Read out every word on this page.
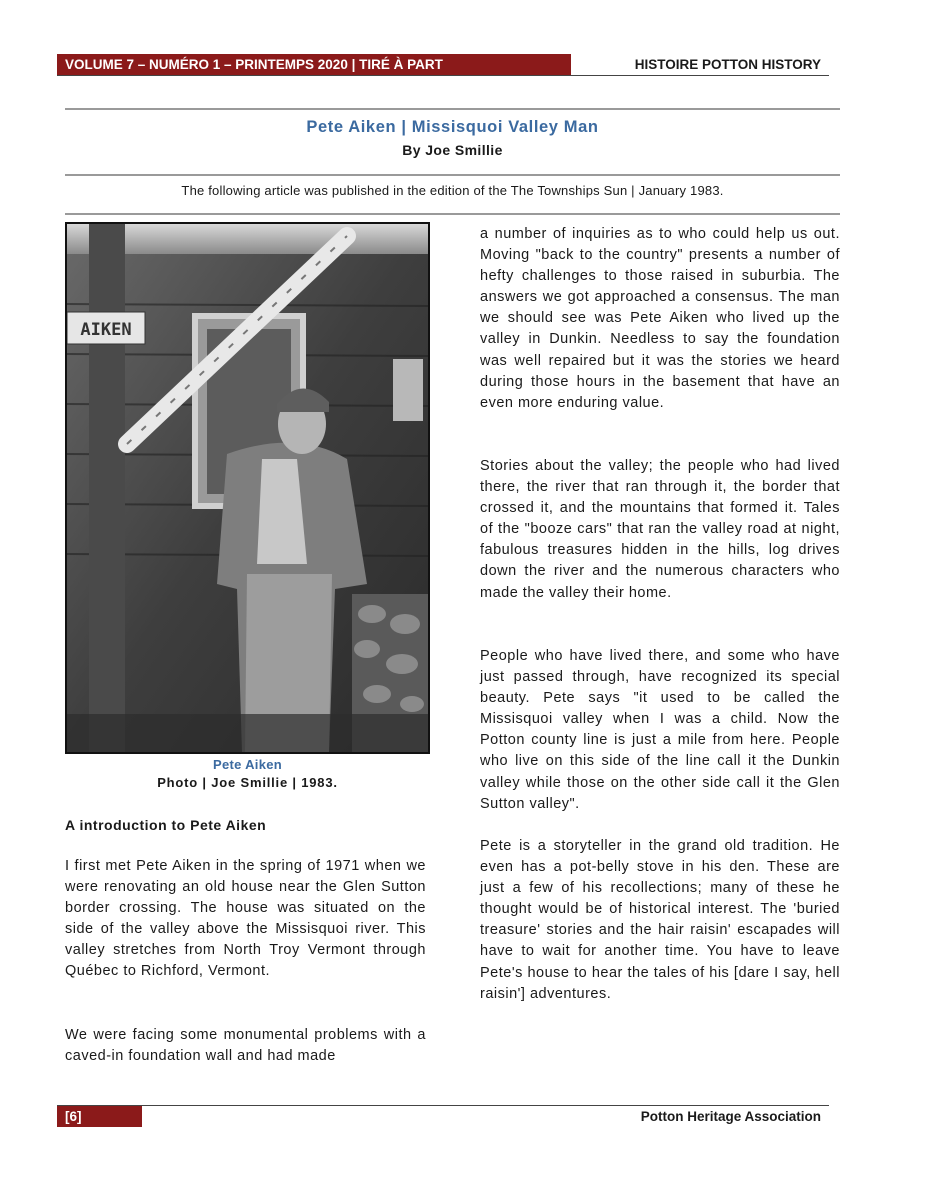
VOLUME 7 – NUMÉRO 1 – PRINTEMPS 2020 | TIRÉ À PART	HISTOIRE POTTON HISTORY
Pete Aiken | Missisquoi Valley Man
By Joe Smillie
The following article was published in the edition of the The Townships Sun | January 1983.
AIKEN
Pete Aiken
Photo | Joe Smillie | 1983.
A introduction to Pete Aiken

I first met Pete Aiken in the spring of 1971 when we were renovating an old house near the Glen Sutton border crossing. The house was situated on the side of the valley above the Missisquoi river. This valley stretches from North Troy Vermont through Québec to Richford, Vermont.

We were facing some monumental problems with a caved-in foundation wall and had made

a number of inquiries as to who could help us out. Moving "back to the country" presents a number of hefty challenges to those raised in suburbia. The answers we got approached a consensus. The man we should see was Pete Aiken who lived up the valley in Dunkin. Needless to say the foundation was well repaired but it was the stories we heard during those hours in the basement that have an even more enduring value.

Stories about the valley; the people who had lived there, the river that ran through it, the border that crossed it, and the mountains that formed it. Tales of the "booze cars" that ran the valley road at night, fabulous treasures hidden in the hills, log drives down the river and the numerous characters who made the valley their home.

People who have lived there, and some who have just passed through, have recognized its special beauty. Pete says "it used to be called the Missisquoi valley when I was a child. Now the Potton county line is just a mile from here. People who live on this side of the line call it the Dunkin valley while those on the other side call it the Glen Sutton valley".

Pete is a storyteller in the grand old tradition. He even has a pot-belly stove in his den. These are just a few of his recollections; many of these he thought would be of historical interest. The 'buried treasure' stories and the hair raisin' escapades will have to wait for another time. You have to leave Pete's house to hear the tales of his [dare I say, hell raisin'] adventures.

[6]	Potton Heritage Association
